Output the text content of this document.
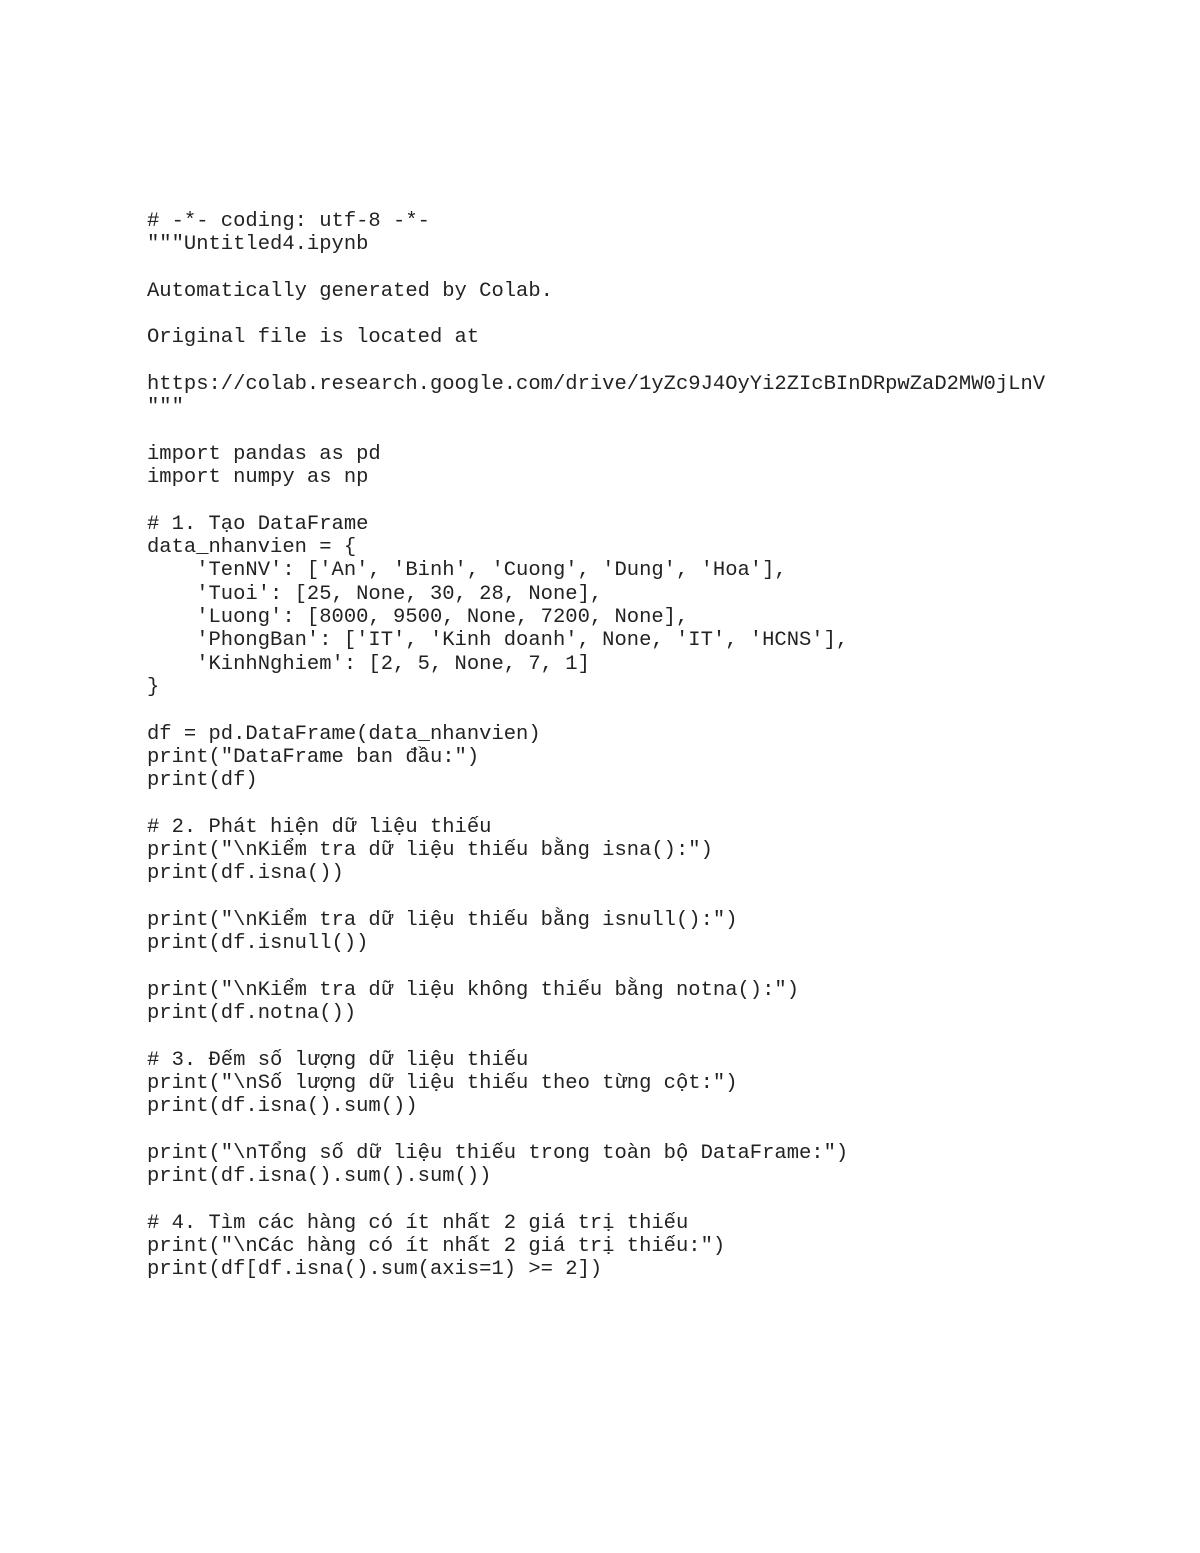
# -*- coding: utf-8 -*-
"""Untitled4.ipynb
Automatically generated by Colab.
Original file is located at
https://colab.research.google.com/drive/1yZc9J4OyYi2ZIcBInDRpwZaD2MW0jLnV
"""
import pandas as pd
import numpy as np
# 1. Tạo DataFrame
data_nhanvien = {
'TenNV': ['An', 'Binh', 'Cuong', 'Dung', 'Hoa'],
'Tuoi': [25, None, 30, 28, None],
'Luong': [8000, 9500, None, 7200, None],
'PhongBan': ['IT', 'Kinh doanh', None, 'IT', 'HCNS'],
'KinhNghiem': [2, 5, None, 7, 1]
}
df = pd.DataFrame(data_nhanvien)
print("DataFrame ban đầu:")
print(df)
# 2. Phát hiện dữ liệu thiếu
print("\nKiểm tra dữ liệu thiếu bằng isna():")
print(df.isna())
print("\nKiểm tra dữ liệu thiếu bằng isnull():")
print(df.isnull())
print("\nKiểm tra dữ liệu không thiếu bằng notna():")
print(df.notna())
# 3. Đếm số lượng dữ liệu thiếu
print("\nSố lượng dữ liệu thiếu theo từng cột:")
print(df.isna().sum())
print("\nTổng số dữ liệu thiếu trong toàn bộ DataFrame:")
print(df.isna().sum().sum())
# 4. Tìm các hàng có ít nhất 2 giá trị thiếu
print("\nCác hàng có ít nhất 2 giá trị thiếu:")
print(df[df.isna().sum(axis=1) >= 2])
